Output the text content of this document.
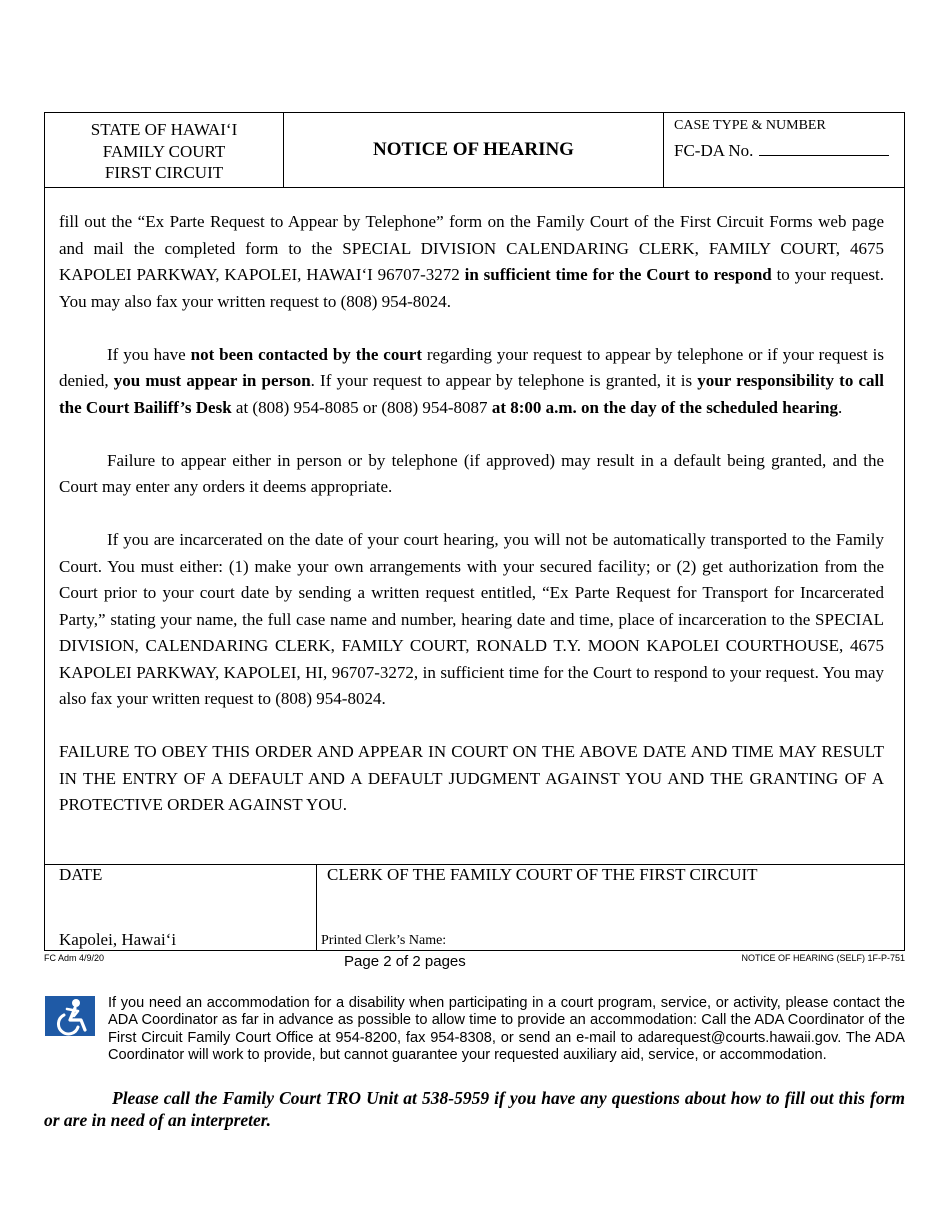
STATE OF HAWAI‘I
FAMILY COURT
FIRST CIRCUIT
NOTICE OF HEARING
CASE TYPE & NUMBER
FC-DA No.

fill out the “Ex Parte Request to Appear by Telephone” form on the Family Court of the First Circuit Forms web page and mail the completed form to the SPECIAL DIVISION CALENDARING CLERK, FAMILY COURT, 4675 KAPOLEI PARKWAY, KAPOLEI, HAWAI‘I 96707-3272 in sufficient time for the Court to respond to your request. You may also fax your written request to (808) 954-8024.

If you have not been contacted by the court regarding your request to appear by telephone or if your request is denied, you must appear in person. If your request to appear by telephone is granted, it is your responsibility to call the Court Bailiff’s Desk at (808) 954-8085 or (808) 954-8087 at 8:00 a.m. on the day of the scheduled hearing.

Failure to appear either in person or by telephone (if approved) may result in a default being granted, and the Court may enter any orders it deems appropriate.

If you are incarcerated on the date of your court hearing, you will not be automatically transported to the Family Court. You must either: (1) make your own arrangements with your secured facility; or (2) get authorization from the Court prior to your court date by sending a written request entitled, “Ex Parte Request for Transport for Incarcerated Party,” stating your name, the full case name and number, hearing date and time, place of incarceration to the SPECIAL DIVISION, CALENDARING CLERK, FAMILY COURT, RONALD T.Y. MOON KAPOLEI COURTHOUSE, 4675 KAPOLEI PARKWAY, KAPOLEI, HI, 96707-3272, in sufficient time for the Court to respond to your request. You may also fax your written request to (808) 954-8024.

FAILURE TO OBEY THIS ORDER AND APPEAR IN COURT ON THE ABOVE DATE AND TIME MAY RESULT IN THE ENTRY OF A DEFAULT AND A DEFAULT JUDGMENT AGAINST YOU AND THE GRANTING OF A PROTECTIVE ORDER AGAINST YOU.

DATE
Kapolei, Hawai‘i
CLERK OF THE FAMILY COURT OF THE FIRST CIRCUIT
Printed Clerk’s Name:
FC Adm 4/9/20	Page 2 of 2 pages	NOTICE OF HEARING (SELF) 1F-P-751
If you need an accommodation for a disability when participating in a court program, service, or activity, please contact the ADA Coordinator as far in advance as possible to allow time to provide an accommodation: Call the ADA Coordinator of the First Circuit Family Court Office at 954-8200, fax 954-8308, or send an e-mail to adarequest@courts.hawaii.gov. The ADA Coordinator will work to provide, but cannot guarantee your requested auxiliary aid, service, or accommodation.
Please call the Family Court TRO Unit at 538-5959 if you have any questions about how to fill out this form or are in need of an interpreter.
